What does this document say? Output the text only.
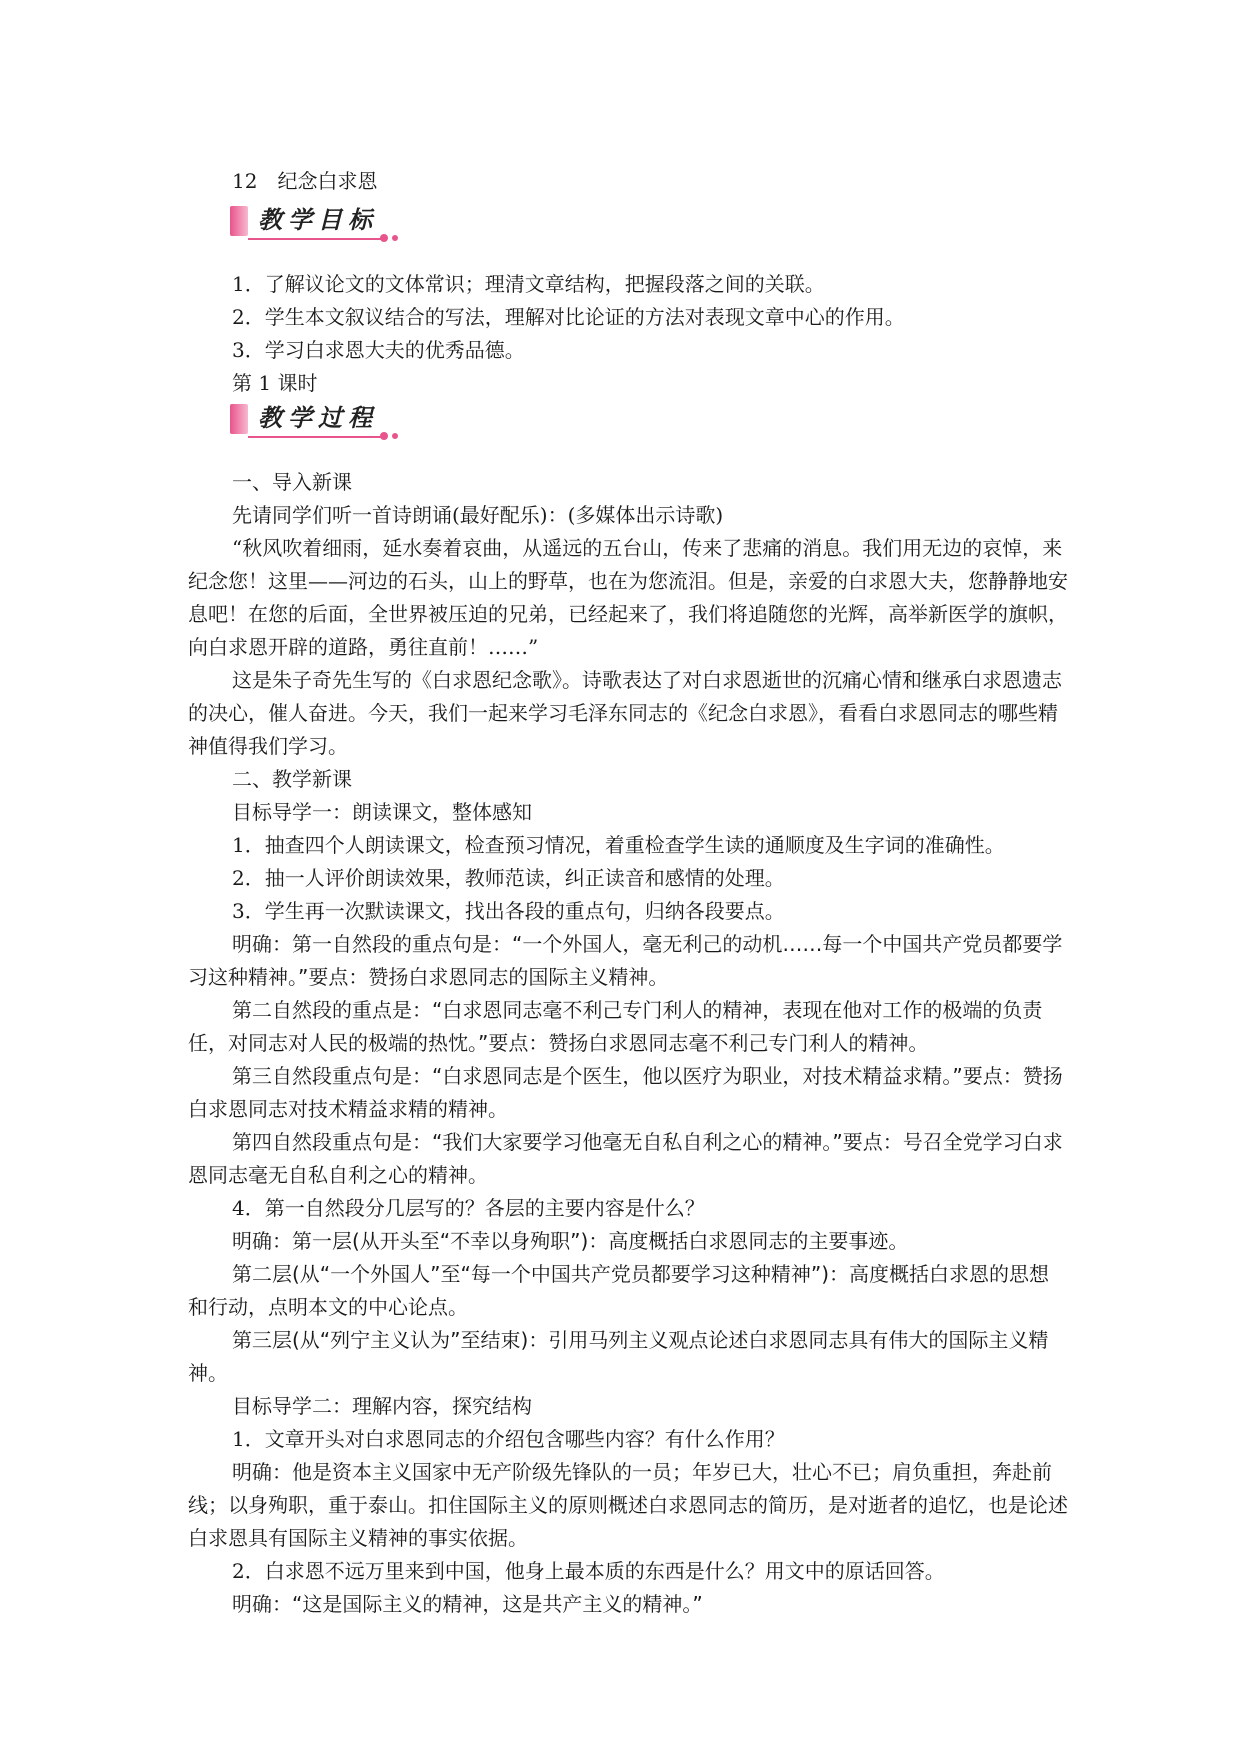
12　纪念白求恩

教学目标

1．了解议论文的文体常识；理清文章结构，把握段落之间的关联。

2．学生本文叙议结合的写法，理解对比论证的方法对表现文章中心的作用。

3．学习白求恩大夫的优秀品德。

第 1 课时

教学过程

一、导入新课

先请同学们听一首诗朗诵(最好配乐)：(多媒体出示诗歌)

“秋风吹着细雨，延水奏着哀曲，从遥远的五台山，传来了悲痛的消息。我们用无边的哀悼，来纪念您！这里——河边的石头，山上的野草，也在为您流泪。但是，亲爱的白求恩大夫，您静静地安息吧！在您的后面，全世界被压迫的兄弟，已经起来了，我们将追随您的光辉，高举新医学的旗帜，向白求恩开辟的道路，勇往直前！……”

这是朱子奇先生写的《白求恩纪念歌》。诗歌表达了对白求恩逝世的沉痛心情和继承白求恩遗志的决心，催人奋进。今天，我们一起来学习毛泽东同志的《纪念白求恩》，看看白求恩同志的哪些精神值得我们学习。

二、教学新课

目标导学一：朗读课文，整体感知

1．抽查四个人朗读课文，检查预习情况，着重检查学生读的通顺度及生字词的准确性。

2．抽一人评价朗读效果，教师范读，纠正读音和感情的处理。

3．学生再一次默读课文，找出各段的重点句，归纳各段要点。

明确：第一自然段的重点句是：“一个外国人，毫无利己的动机……每一个中国共产党员都要学习这种精神。”要点：赞扬白求恩同志的国际主义精神。

第二自然段的重点是：“白求恩同志毫不利己专门利人的精神，表现在他对工作的极端的负责任，对同志对人民的极端的热忱。”要点：赞扬白求恩同志毫不利己专门利人的精神。

第三自然段重点句是：“白求恩同志是个医生，他以医疗为职业，对技术精益求精。”要点：赞扬白求恩同志对技术精益求精的精神。

第四自然段重点句是：“我们大家要学习他毫无自私自利之心的精神。”要点：号召全党学习白求恩同志毫无自私自利之心的精神。

4．第一自然段分几层写的？各层的主要内容是什么？

明确：第一层(从开头至“不幸以身殉职”)：高度概括白求恩同志的主要事迹。

第二层(从“一个外国人”至“每一个中国共产党员都要学习这种精神”)：高度概括白求恩的思想和行动，点明本文的中心论点。

第三层(从“列宁主义认为”至结束)：引用马列主义观点论述白求恩同志具有伟大的国际主义精神。

目标导学二：理解内容，探究结构

1．文章开头对白求恩同志的介绍包含哪些内容？有什么作用？

明确：他是资本主义国家中无产阶级先锋队的一员；年岁已大，壮心不已；肩负重担，奔赴前线；以身殉职，重于泰山。扣住国际主义的原则概述白求恩同志的简历，是对逝者的追忆，也是论述白求恩具有国际主义精神的事实依据。

2．白求恩不远万里来到中国，他身上最本质的东西是什么？用文中的原话回答。

明确：“这是国际主义的精神，这是共产主义的精神。”
